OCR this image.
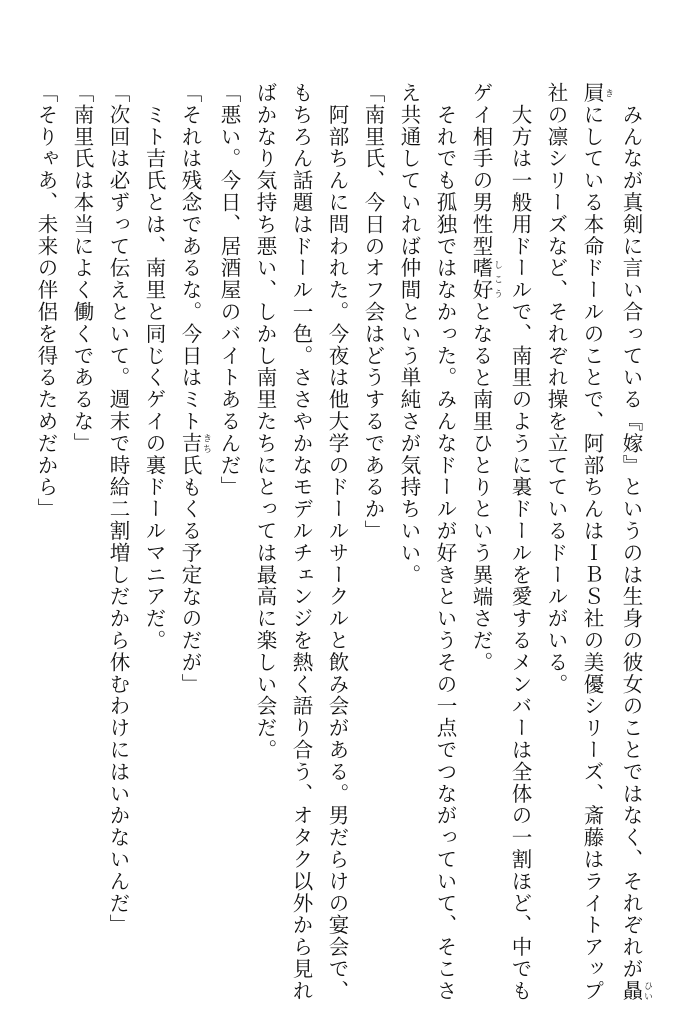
　みんなが真剣に言い合っている『嫁』というのは生身の彼女のことではなく、それぞれが贔 ひい

屓 きにしている本命ドールのことで、阿部ちんはＩＢＳ社の美優シリーズ、斎藤はライトアップ

社の凛シリーズなど、それぞれ操を立てているドールがいる。

　大方は一般用ドールで、南里のように裏ドールを愛するメンバーは全体の一割ほど、中でも

ゲイ相手の男性型嗜好 しこうとなると南里ひとりという異端さだ。

　それでも孤独ではなかった。みんなドールが好きというその一点でつながっていて、そこさ

え共通していれば仲間という単純さが気持ちいい。

「南里氏、今日のオフ会はどうするであるか」

　阿部ちんに問われた。今夜は他大学のドールサークルと飲み会がある。男だらけの宴会で、

もちろん話題はドール一色。ささやかなモデルチェンジを熱く語り合う、オタク以外から見れ

ばかなり気持ち悪い、しかし南里たちにとっては最高に楽しい会だ。

「悪い。今日、居酒屋のバイトあるんだ」

「それは残念であるな。今日はミト吉 きち氏もくる予定なのだが」

　ミト吉氏とは、南里と同じくゲイの裏ドールマニアだ。

「次回は必ずって伝えといて。週末で時給二割増しだから休むわけにはいかないんだ」

「南里氏は本当によく働くであるな」

「そりゃあ、未来の伴侶を得るためだから」
